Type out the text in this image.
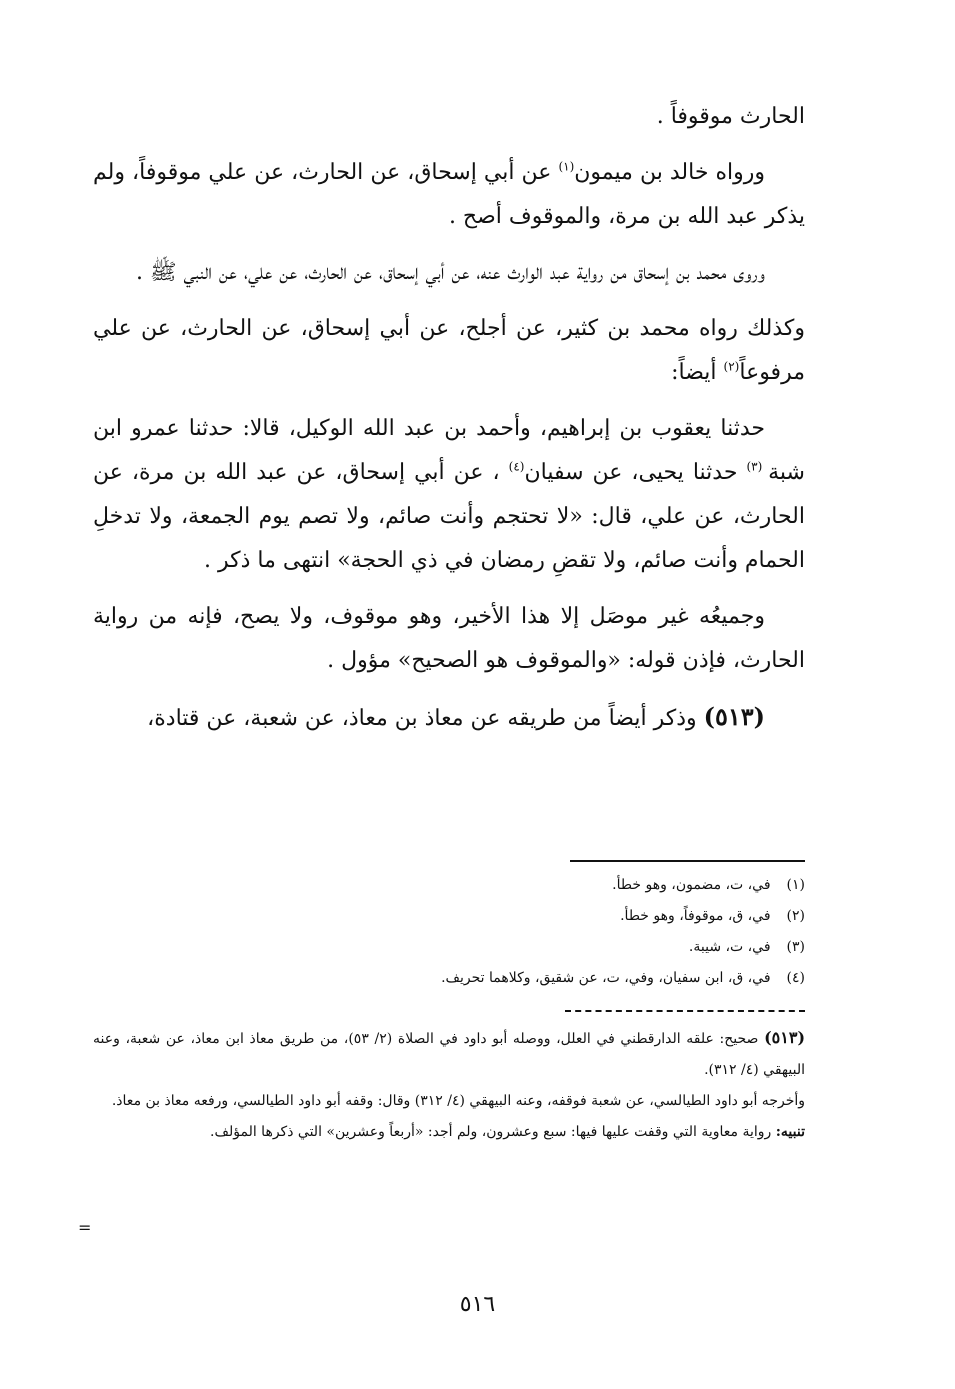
الحارث موقوفاً .

ورواه خالد بن ميمون$^{(١)}$ عن أبي إسحاق، عن الحارث، عن علي موقوفاً، ولم يذكر عبد الله بن مرة، والموقوف أصح .

وروى محمد بن إسحاق من رواية عبد الوارث عنه، عن أبي إسحاق، عن الحارث، عن علي، عن النبي ﷺ .

وكذلك رواه محمد بن كثير، عن أجلح، عن أبي إسحاق، عن الحارث، عن علي مرفوعاً$^{(٢)}$ أيضاً:

حدثنا يعقوب بن إبراهيم، وأحمد بن عبد الله الوكيل، قالا: حدثنا عمرو ابن شبة $^{(٣)}$ حدثنا يحيى، عن سفيان$^{(٤)}$ ، عن أبي إسحاق، عن عبد الله بن مرة، عن الحارث، عن علي، قال: «لا تحتجم وأنت صائم، ولا تصم يوم الجمعة، ولا تدخلِ الحمام وأنت صائم، ولا تقضِ رمضان في ذي الحجة» انتهى ما ذكر .

وجميعُه غير موصَل إلا هذا الأخير، وهو موقوف، ولا يصح، فإنه من رواية الحارث، فإذن قوله: «والموقوف هو الصحيح» مؤول .

(٥١٣) وذكر أيضاً من طريقه عن معاذ بن معاذ، عن شعبة، عن قتادة،

(١) في، ت، مضمون، وهو خطأ.

(٢) في، ق، موقوفاً، وهو خطأ.

(٣) في، ت، شيبة.

(٤) في، ق، ابن سفيان، وفي، ت، عن شقيق، وكلاهما تحريف.

(٥١٣) صحيح: علقه الدارقطني في العلل، ووصله أبو داود في الصلاة (٢/ ٥٣)، من طريق معاذ ابن معاذ، عن شعبة، وعنه البيهقي (٤/ ٣١٢).

وأخرجه أبو داود الطيالسي، عن شعبة فوقفه، وعنه البيهقي (٤/ ٣١٢) وقال: وقفه أبو داود الطيالسي، ورفعه معاذ بن معاذ.

تنبيه: رواية معاوية التي وقفت عليها فيها: سبع وعشرون، ولم أجد: «أربعاً وعشرين» التي ذكرها المؤلف.

=
٥١٦
